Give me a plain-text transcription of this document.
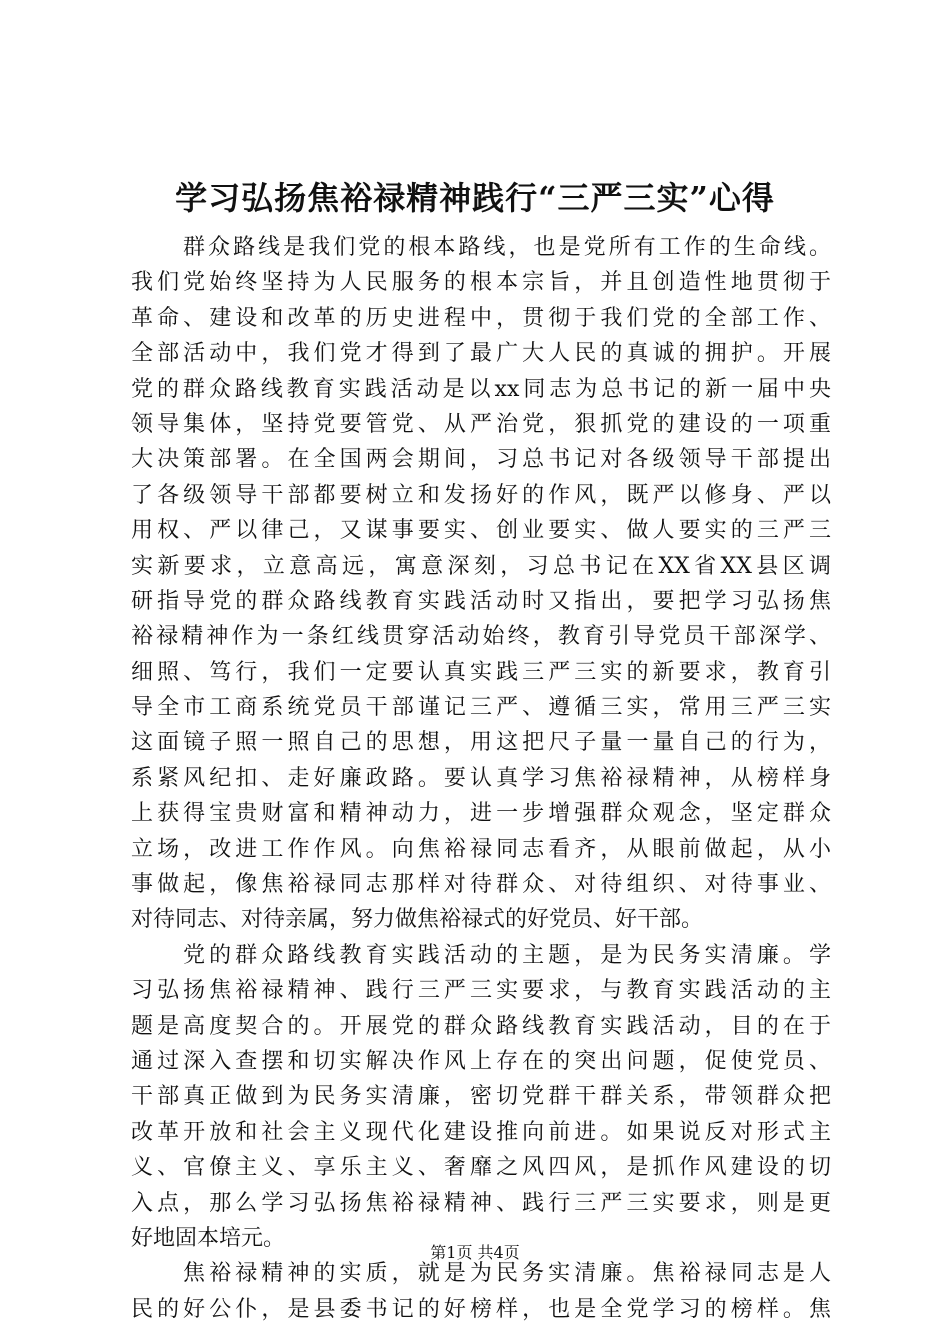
学习弘扬焦裕禄精神践行“三严三实”心得
群众路线是我们党的根本路线，也是党所有工作的生命线。
我们党始终坚持为人民服务的根本宗旨，并且创造性地贯彻于
革命、建设和改革的历史进程中，贯彻于我们党的全部工作、
全部活动中，我们党才得到了最广大人民的真诚的拥护。开展
党的群众路线教育实践活动是以xx同志为总书记的新一届中央
领导集体，坚持党要管党、从严治党，狠抓党的建设的一项重
大决策部署。在全国两会期间，习总书记对各级领导干部提出
了各级领导干部都要树立和发扬好的作风，既严以修身、严以
用权、严以律己，又谋事要实、创业要实、做人要实的三严三
实新要求，立意高远，寓意深刻，习总书记在XX省XX县区调
研指导党的群众路线教育实践活动时又指出，要把学习弘扬焦
裕禄精神作为一条红线贯穿活动始终，教育引导党员干部深学、
细照、笃行，我们一定要认真实践三严三实的新要求，教育引
导全市工商系统党员干部谨记三严、遵循三实，常用三严三实
这面镜子照一照自己的思想，用这把尺子量一量自己的行为，
系紧风纪扣、走好廉政路。要认真学习焦裕禄精神，从榜样身
上获得宝贵财富和精神动力，进一步增强群众观念，坚定群众
立场，改进工作作风。向焦裕禄同志看齐，从眼前做起，从小
事做起，像焦裕禄同志那样对待群众、对待组织、对待事业、
对待同志、对待亲属，努力做焦裕禄式的好党员、好干部。
党的群众路线教育实践活动的主题，是为民务实清廉。学
习弘扬焦裕禄精神、践行三严三实要求，与教育实践活动的主
题是高度契合的。开展党的群众路线教育实践活动，目的在于
通过深入查摆和切实解决作风上存在的突出问题，促使党员、
干部真正做到为民务实清廉，密切党群干群关系，带领群众把
改革开放和社会主义现代化建设推向前进。如果说反对形式主
义、官僚主义、享乐主义、奢靡之风四风，是抓作风建设的切
入点，那么学习弘扬焦裕禄精神、践行三严三实要求，则是更
好地固本培元。
焦裕禄精神的实质，就是为民务实清廉。焦裕禄同志是人
民的好公仆，是县委书记的好榜样，也是全党学习的榜样。焦
第1页 共4页
